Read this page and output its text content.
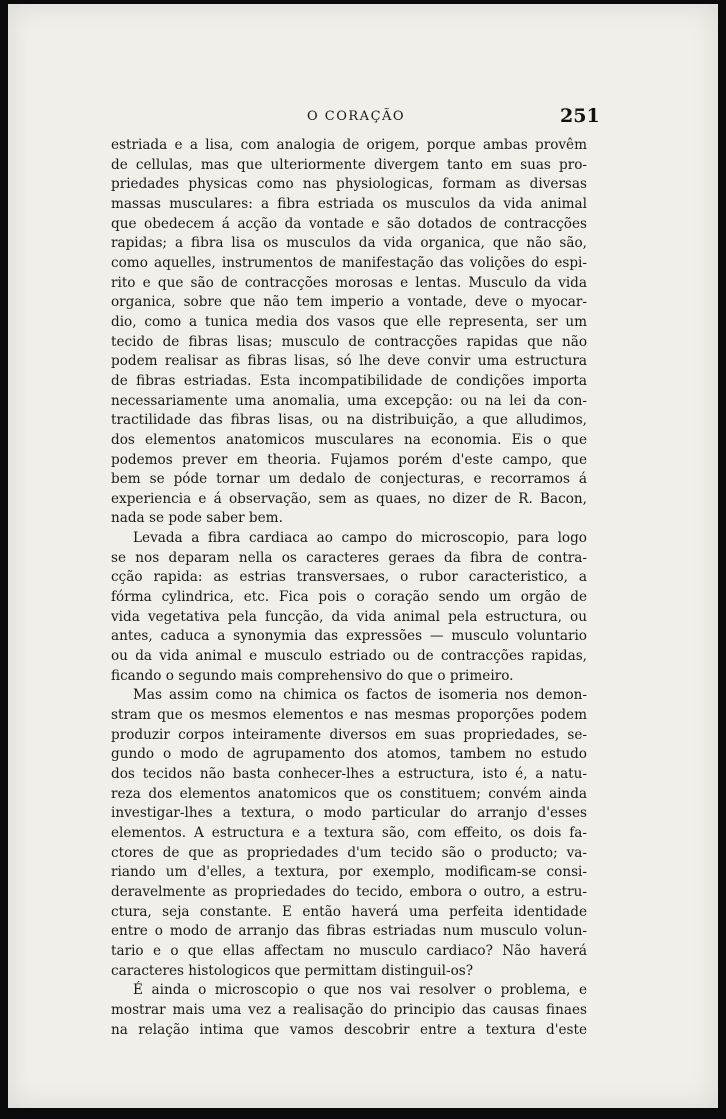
O CORAÇÃO	251
estriada e a lisa, com analogia de origem, porque ambas provêm
de cellulas, mas que ulteriormente divergem tanto em suas pro-
priedades physicas como nas physiologicas, formam as diversas
massas musculares: a fibra estriada os musculos da vida animal
que obedecem á acção da vontade e são dotados de contracções
rapidas; a fibra lisa os musculos da vida organica, que não são,
como aquelles, instrumentos de manifestação das volições do espi-
rito e que são de contracções morosas e lentas. Musculo da vida
organica, sobre que não tem imperio a vontade, deve o myocar-
dio, como a tunica media dos vasos que elle representa, ser um
tecido de fibras lisas; musculo de contracções rapidas que não
podem realisar as fibras lisas, só lhe deve convir uma estructura
de fibras estriadas. Esta incompatibilidade de condições importa
necessariamente uma anomalia, uma excepção: ou na lei da con-
tractilidade das fibras lisas, ou na distribuição, a que alludimos,
dos elementos anatomicos musculares na economia. Eis o que
podemos prever em theoria. Fujamos porém d'este campo, que
bem se póde tornar um dedalo de conjecturas, e recorramos á
experiencia e á observação, sem as quaes, no dizer de R. Bacon,
nada se pode saber bem.
Levada a fibra cardiaca ao campo do microscopio, para logo
se nos deparam nella os caracteres geraes da fibra de contra-
cção rapida: as estrias transversaes, o rubor caracteristico, a
fórma cylindrica, etc. Fica pois o coração sendo um orgão de
vida vegetativa pela funcção, da vida animal pela estructura, ou
antes, caduca a synonymia das expressões — musculo voluntario
ou da vida animal e musculo estriado ou de contracções rapidas,
ficando o segundo mais comprehensivo do que o primeiro.
Mas assim como na chimica os factos de isomeria nos demon-
stram que os mesmos elementos e nas mesmas proporções podem
produzir corpos inteiramente diversos em suas propriedades, se-
gundo o modo de agrupamento dos atomos, tambem no estudo
dos tecidos não basta conhecer-lhes a estructura, isto é, a natu-
reza dos elementos anatomicos que os constituem; convém ainda
investigar-lhes a textura, o modo particular do arranjo d'esses
elementos. A estructura e a textura são, com effeito, os dois fa-
ctores de que as propriedades d'um tecido são o producto; va-
riando um d'elles, a textura, por exemplo, modificam-se consi-
deravelmente as propriedades do tecido, embora o outro, a estru-
ctura, seja constante. E então haverá uma perfeita identidade
entre o modo de arranjo das fibras estriadas num musculo volun-
tario e o que ellas affectam no musculo cardiaco? Não haverá
caracteres histologicos que permittam distinguil-os?
É ainda o microscopio o que nos vai resolver o problema, e
mostrar mais uma vez a realisação do principio das causas finaes
na relação intima que vamos descobrir entre a textura d'este
